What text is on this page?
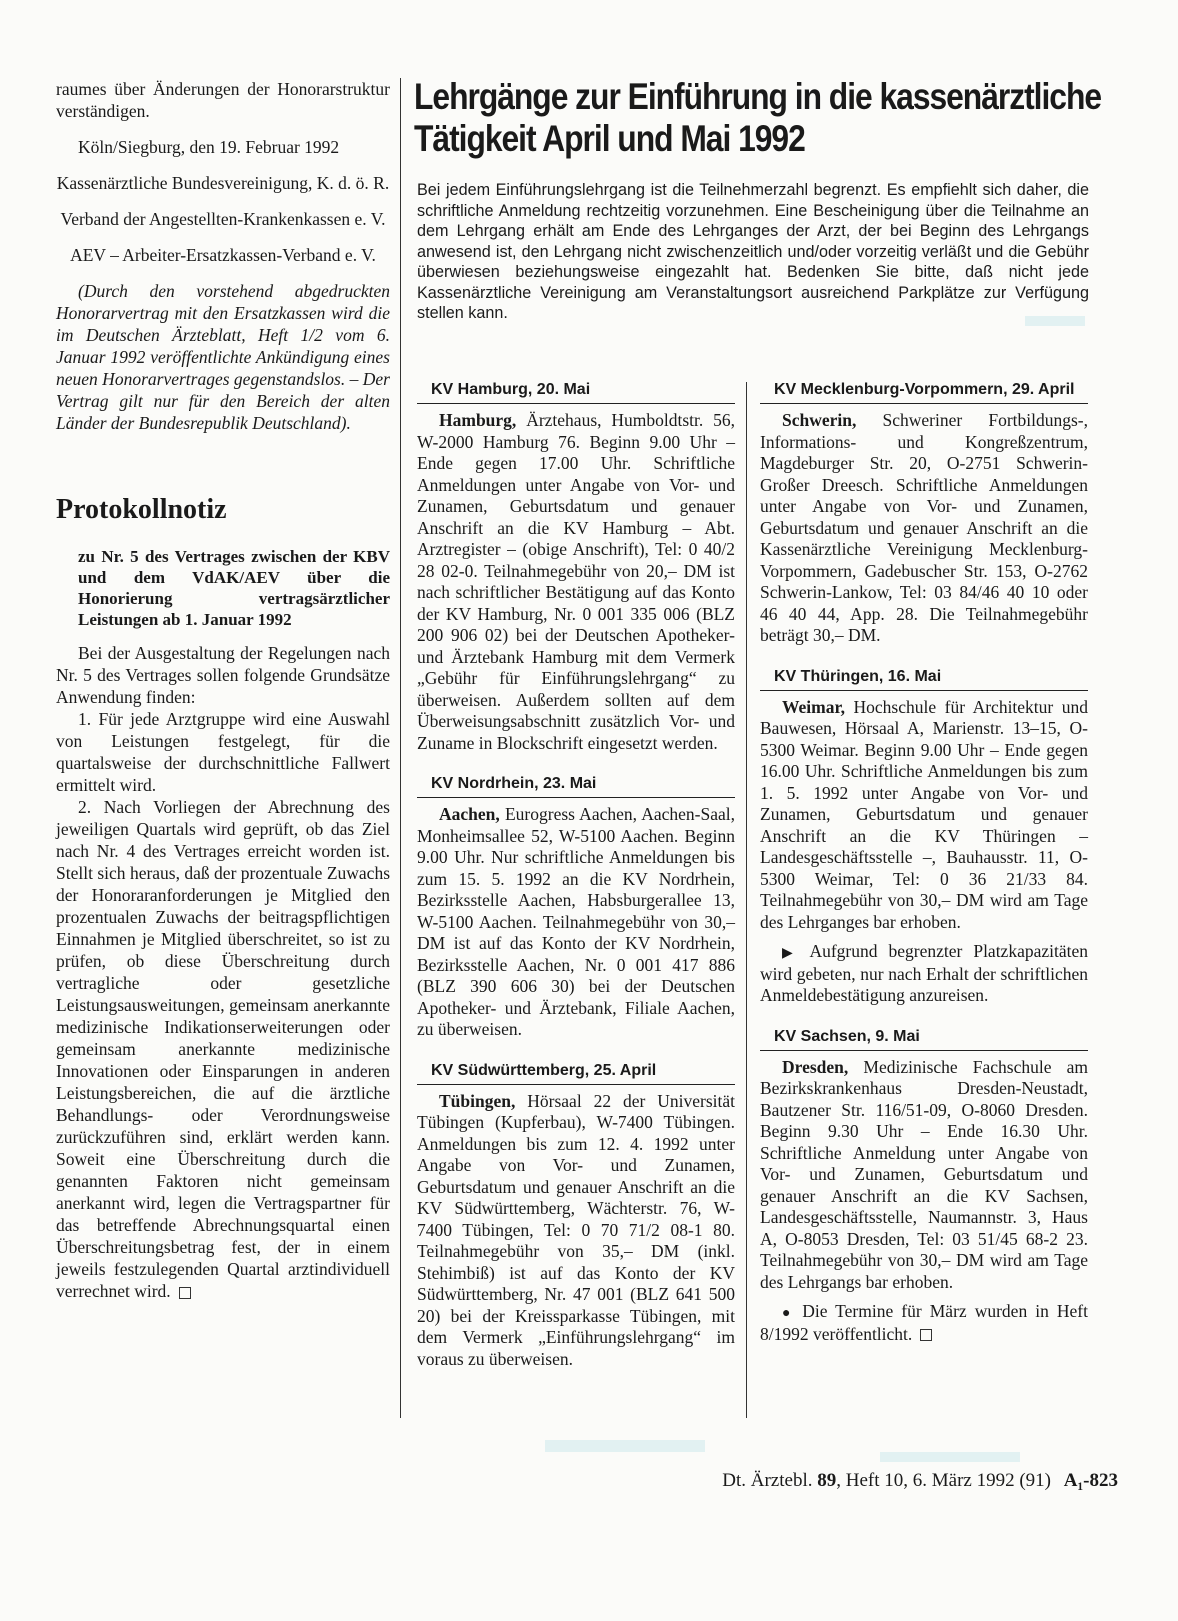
raumes über Änderungen der Honorarstruktur verständigen.

Köln/Siegburg, den 19. Februar 1992

Kassenärztliche Bundesvereinigung, K. d. ö. R.

Verband der Angestellten-Krankenkassen e. V.

AEV – Arbeiter-Ersatzkassen-Verband e. V.

(Durch den vorstehend abgedruckten Honorarvertrag mit den Ersatzkassen wird die im Deutschen Ärzteblatt, Heft 1/2 vom 6. Januar 1992 veröffentlichte Ankündigung eines neuen Honorarvertrages gegenstandslos. – Der Vertrag gilt nur für den Bereich der alten Länder der Bundesrepublik Deutschland).

Protokollnotiz

zu Nr. 5 des Vertrages zwischen der KBV und dem VdAK/AEV über die Honorierung vertragsärztlicher Leistungen ab 1. Januar 1992

Bei der Ausgestaltung der Regelungen nach Nr. 5 des Vertrages sollen folgende Grundsätze Anwendung finden:

1. Für jede Arztgruppe wird eine Auswahl von Leistungen festgelegt, für die quartalsweise der durchschnittliche Fallwert ermittelt wird.

2. Nach Vorliegen der Abrechnung des jeweiligen Quartals wird geprüft, ob das Ziel nach Nr. 4 des Vertrages erreicht worden ist. Stellt sich heraus, daß der prozentuale Zuwachs der Honoraranforderungen je Mitglied den prozentualen Zuwachs der beitragspflichtigen Einnahmen je Mitglied überschreitet, so ist zu prüfen, ob diese Überschreitung durch vertragliche oder gesetzliche Leistungsausweitungen, gemeinsam anerkannte medizinische Indikationserweiterungen oder gemeinsam anerkannte medizinische Innovationen oder Einsparungen in anderen Leistungsbereichen, die auf die ärztliche Behandlungs- oder Verordnungsweise zurückzuführen sind, erklärt werden kann. Soweit eine Überschreitung durch die genannten Faktoren nicht gemeinsam anerkannt wird, legen die Vertragspartner für das betreffende Abrechnungsquartal einen Überschreitungsbetrag fest, der in einem jeweils festzulegenden Quartal arztindividuell verrechnet wird.

Lehrgänge zur Einführung in die kassenärztliche Tätigkeit April und Mai 1992

Bei jedem Einführungslehrgang ist die Teilnehmerzahl begrenzt. Es empfiehlt sich daher, die schriftliche Anmeldung rechtzeitig vorzunehmen. Eine Bescheinigung über die Teilnahme an dem Lehrgang erhält am Ende des Lehrganges der Arzt, der bei Beginn des Lehrgangs anwesend ist, den Lehrgang nicht zwischenzeitlich und/oder vorzeitig verläßt und die Gebühr überwiesen beziehungsweise eingezahlt hat. Bedenken Sie bitte, daß nicht jede Kassenärztliche Vereinigung am Veranstaltungsort ausreichend Parkplätze zur Verfügung stellen kann.

KV Hamburg, 20. Mai

Hamburg, Ärztehaus, Humboldtstr. 56, W-2000 Hamburg 76. Beginn 9.00 Uhr – Ende gegen 17.00 Uhr. Schriftliche Anmeldungen unter Angabe von Vor- und Zunamen, Geburtsdatum und genauer Anschrift an die KV Hamburg – Abt. Arztregister – (obige Anschrift), Tel: 0 40/2 28 02-0. Teilnahmegebühr von 20,– DM ist nach schriftlicher Bestätigung auf das Konto der KV Hamburg, Nr. 0 001 335 006 (BLZ 200 906 02) bei der Deutschen Apotheker- und Ärztebank Hamburg mit dem Vermerk „Gebühr für Einführungslehrgang“ zu überweisen. Außerdem sollten auf dem Überweisungsabschnitt zusätzlich Vor- und Zuname in Blockschrift eingesetzt werden.

KV Nordrhein, 23. Mai

Aachen, Eurogress Aachen, Aachen-Saal, Monheimsallee 52, W-5100 Aachen. Beginn 9.00 Uhr. Nur schriftliche Anmeldungen bis zum 15. 5. 1992 an die KV Nordrhein, Bezirksstelle Aachen, Habsburgerallee 13, W-5100 Aachen. Teilnahmegebühr von 30,– DM ist auf das Konto der KV Nordrhein, Bezirksstelle Aachen, Nr. 0 001 417 886 (BLZ 390 606 30) bei der Deutschen Apotheker- und Ärztebank, Filiale Aachen, zu überweisen.

KV Südwürttemberg, 25. April

Tübingen, Hörsaal 22 der Universität Tübingen (Kupferbau), W-7400 Tübingen. Anmeldungen bis zum 12. 4. 1992 unter Angabe von Vor- und Zunamen, Geburtsdatum und genauer Anschrift an die KV Südwürttemberg, Wächterstr. 76, W-7400 Tübingen, Tel: 0 70 71/2 08-1 80. Teilnahmegebühr von 35,– DM (inkl. Stehimbiß) ist auf das Konto der KV Südwürttemberg, Nr. 47 001 (BLZ 641 500 20) bei der Kreissparkasse Tübingen, mit dem Vermerk „Einführungslehrgang“ im voraus zu überweisen.

KV Mecklenburg-Vorpommern, 29. April

Schwerin, Schweriner Fortbildungs-, Informations- und Kongreßzentrum, Magdeburger Str. 20, O-2751 Schwerin-Großer Dreesch. Schriftliche Anmeldungen unter Angabe von Vor- und Zunamen, Geburtsdatum und genauer Anschrift an die Kassenärztliche Vereinigung Mecklenburg-Vorpommern, Gadebuscher Str. 153, O-2762 Schwerin-Lankow, Tel: 03 84/46 40 10 oder 46 40 44, App. 28. Die Teilnahmegebühr beträgt 30,– DM.

KV Thüringen, 16. Mai

Weimar, Hochschule für Architektur und Bauwesen, Hörsaal A, Marienstr. 13–15, O-5300 Weimar. Beginn 9.00 Uhr – Ende gegen 16.00 Uhr. Schriftliche Anmeldungen bis zum 1. 5. 1992 unter Angabe von Vor- und Zunamen, Geburtsdatum und genauer Anschrift an die KV Thüringen – Landesgeschäftsstelle –, Bauhausstr. 11, O-5300 Weimar, Tel: 0 36 21/33 84. Teilnahmegebühr von 30,– DM wird am Tage des Lehrganges bar erhoben.

▶ Aufgrund begrenzter Platzkapazitäten wird gebeten, nur nach Erhalt der schriftlichen Anmeldebestätigung anzureisen.

KV Sachsen, 9. Mai

Dresden, Medizinische Fachschule am Bezirkskrankenhaus Dresden-Neustadt, Bautzener Str. 116/51-09, O-8060 Dresden. Beginn 9.30 Uhr – Ende 16.30 Uhr. Schriftliche Anmeldung unter Angabe von Vor- und Zunamen, Geburtsdatum und genauer Anschrift an die KV Sachsen, Landesgeschäftsstelle, Naumannstr. 3, Haus A, O-8053 Dresden, Tel: 03 51/45 68-2 23. Teilnahmegebühr von 30,– DM wird am Tage des Lehrgangs bar erhoben.

● Die Termine für März wurden in Heft 8/1992 veröffentlicht.

Dt. Ärztebl. 89, Heft 10, 6. März 1992 (91) A₁-823
